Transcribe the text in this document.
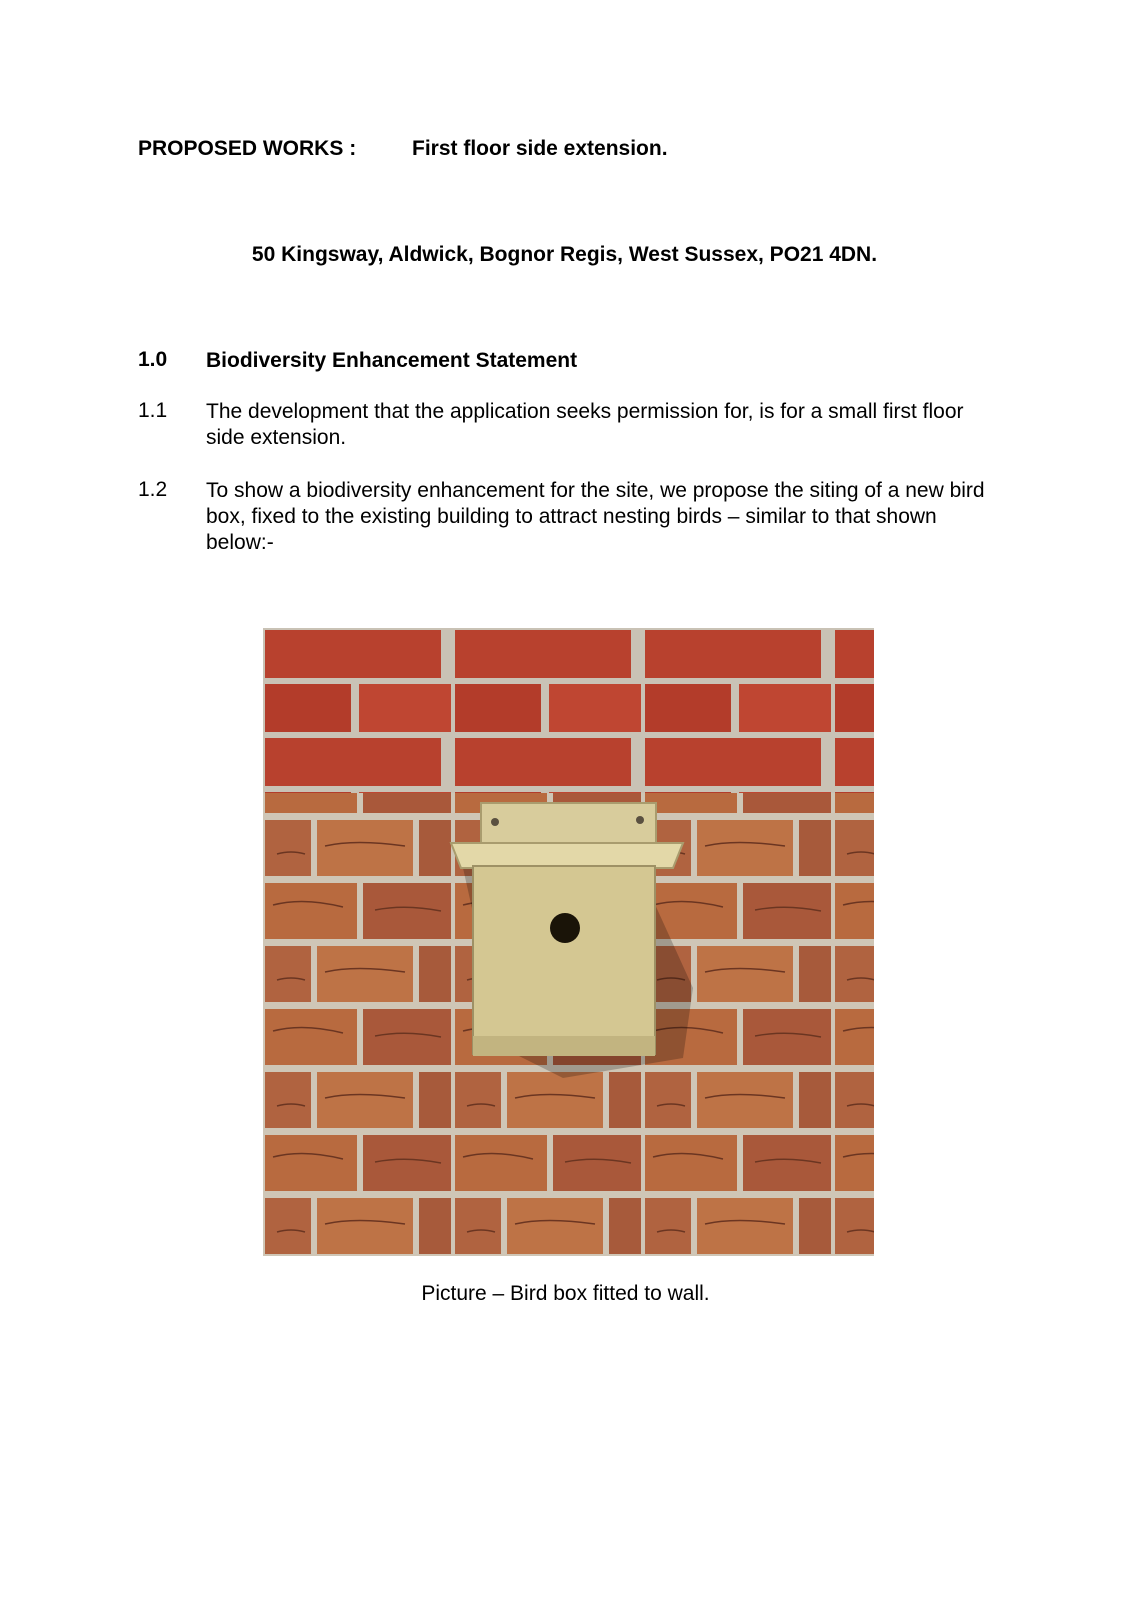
PROPOSED WORKS :	First floor side extension.
50 Kingsway, Aldwick, Bognor Regis, West Sussex, PO21 4DN.
1.0 Biodiversity Enhancement Statement
1.1 The development that the application seeks permission for, is for a small first floor side extension.
1.2 To show a biodiversity enhancement for the site, we propose the siting of a new bird box, fixed to the existing building to attract nesting birds – similar to that shown below:-
Picture – Bird box fitted to wall.
